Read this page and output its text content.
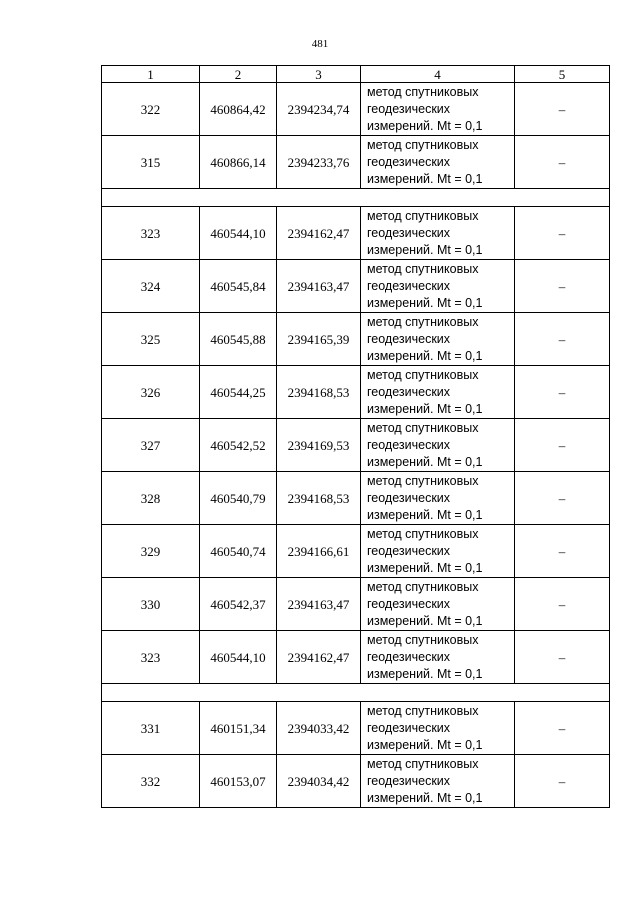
481
1	2	3	4	5
322	460864,42	2394234,74	метод спутниковых
геодезических
измерений. Mt = 0,1	–
315	460866,14	2394233,76	метод спутниковых
геодезических
измерений. Mt = 0,1	–

323	460544,10	2394162,47	метод спутниковых
геодезических
измерений. Mt = 0,1	–
324	460545,84	2394163,47	метод спутниковых
геодезических
измерений. Mt = 0,1	–
325	460545,88	2394165,39	метод спутниковых
геодезических
измерений. Mt = 0,1	–
326	460544,25	2394168,53	метод спутниковых
геодезических
измерений. Mt = 0,1	–
327	460542,52	2394169,53	метод спутниковых
геодезических
измерений. Mt = 0,1	–
328	460540,79	2394168,53	метод спутниковых
геодезических
измерений. Mt = 0,1	–
329	460540,74	2394166,61	метод спутниковых
геодезических
измерений. Mt = 0,1	–
330	460542,37	2394163,47	метод спутниковых
геодезических
измерений. Mt = 0,1	–
323	460544,10	2394162,47	метод спутниковых
геодезических
измерений. Mt = 0,1	–

331	460151,34	2394033,42	метод спутниковых
геодезических
измерений. Mt = 0,1	–
332	460153,07	2394034,42	метод спутниковых
геодезических
измерений. Mt = 0,1	–
